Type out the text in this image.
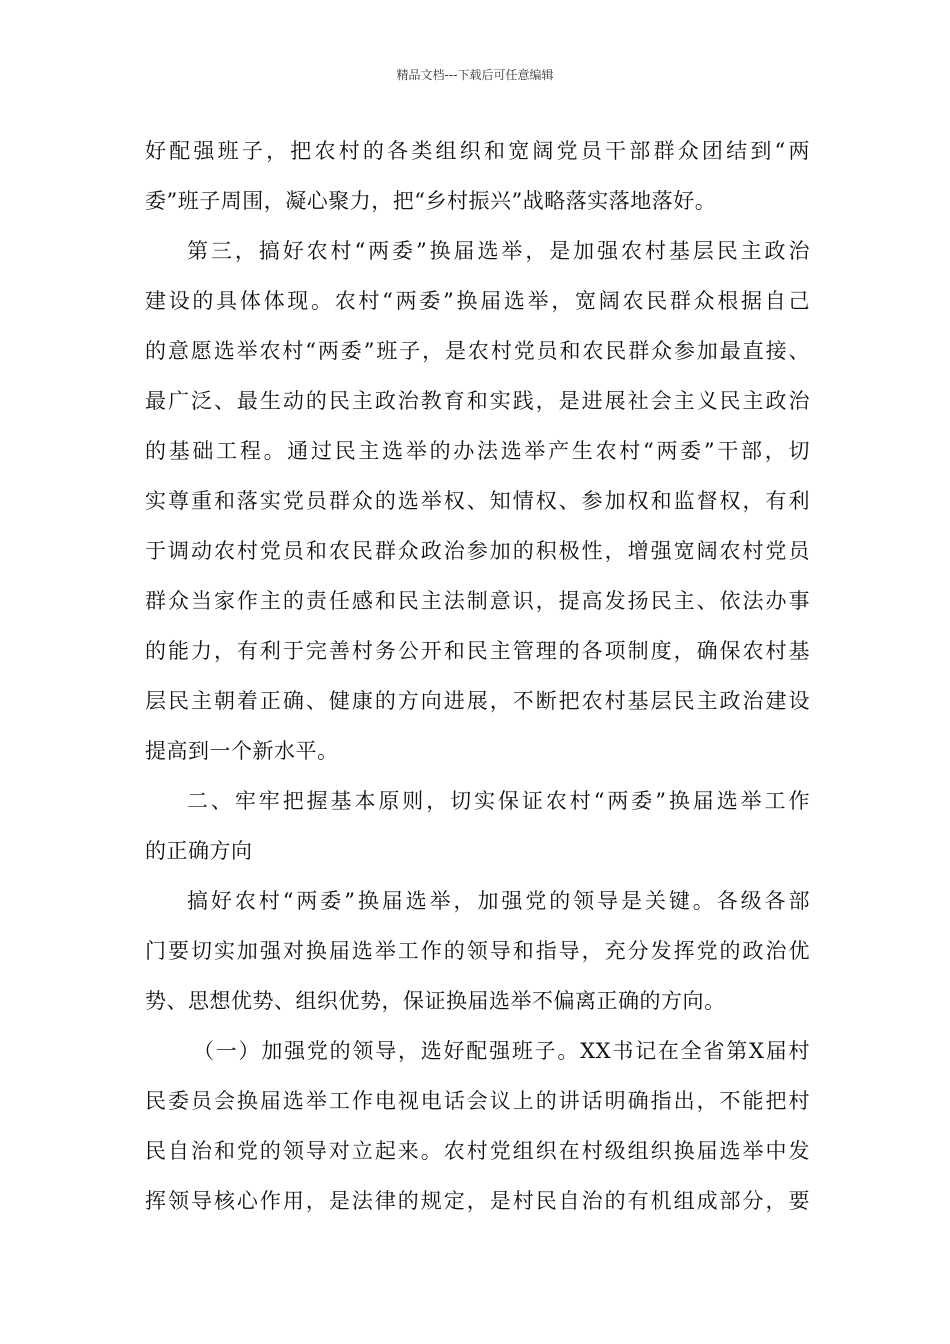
精品文档---下载后可任意编辑
好配强班子，把农村的各类组织和宽阔党员干部群众团结到“两
委”班子周围，凝心聚力，把“乡村振兴”战略落实落地落好。
第三，搞好农村“两委”换届选举，是加强农村基层民主政治
建设的具体体现。农村“两委”换届选举，宽阔农民群众根据自己
的意愿选举农村“两委”班子，是农村党员和农民群众参加最直接、
最广泛、最生动的民主政治教育和实践，是进展社会主义民主政治
的基础工程。通过民主选举的办法选举产生农村“两委”干部，切
实尊重和落实党员群众的选举权、知情权、参加权和监督权，有利
于调动农村党员和农民群众政治参加的积极性，增强宽阔农村党员
群众当家作主的责任感和民主法制意识，提高发扬民主、依法办事
的能力，有利于完善村务公开和民主管理的各项制度，确保农村基
层民主朝着正确、健康的方向进展，不断把农村基层民主政治建设
提高到一个新水平。
二、牢牢把握基本原则，切实保证农村“两委”换届选举工作
的正确方向
搞好农村“两委”换届选举，加强党的领导是关键。各级各部
门要切实加强对换届选举工作的领导和指导，充分发挥党的政治优
势、思想优势、组织优势，保证换届选举不偏离正确的方向。
（一）加强党的领导，选好配强班子。XX书记在全省第X届村
民委员会换届选举工作电视电话会议上的讲话明确指出，不能把村
民自治和党的领导对立起来。农村党组织在村级组织换届选举中发
挥领导核心作用，是法律的规定，是村民自治的有机组成部分，要
